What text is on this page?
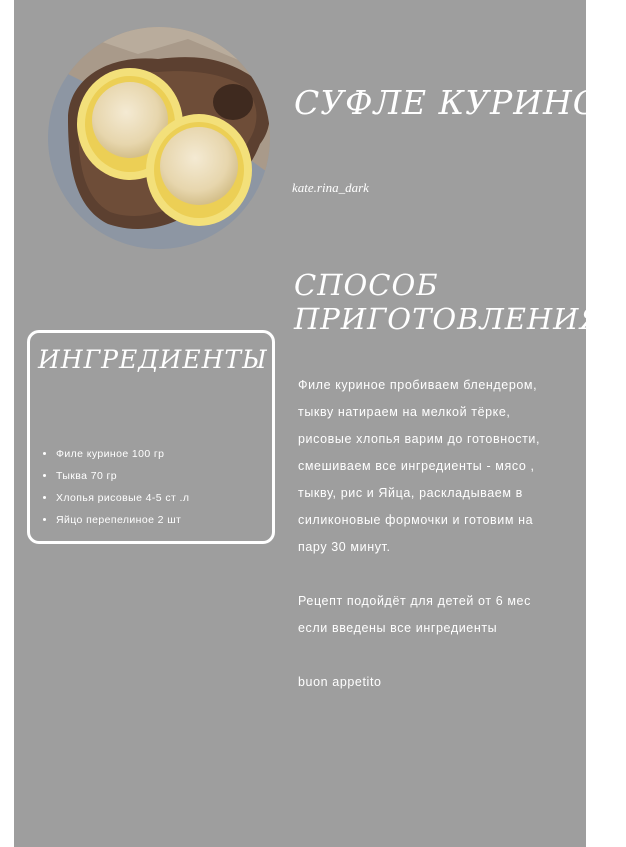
СУФЛЕ КУРИНОЕ
kate.rina_dark
СПОСОБ
ПРИГОТОВЛЕНИЯ

Филе куриное пробиваем блендером,

тыкву натираем на мелкой тёрке,

рисовые хлопья варим до готовности,

смешиваем все ингредиенты - мясо ,

тыкву, рис и Яйца, раскладываем в

силиконовые формочки и готовим на

пару 30 минут.

Рецепт подойдёт для детей от 6 мес

если введены все ингредиенты

buon appetito

ИНГРЕДИЕНТЫ
• Филе куриное 100 гр
• Тыква 70 гр
• Хлопья рисовые 4-5 ст .л
• Яйцо перепелиное 2 шт
